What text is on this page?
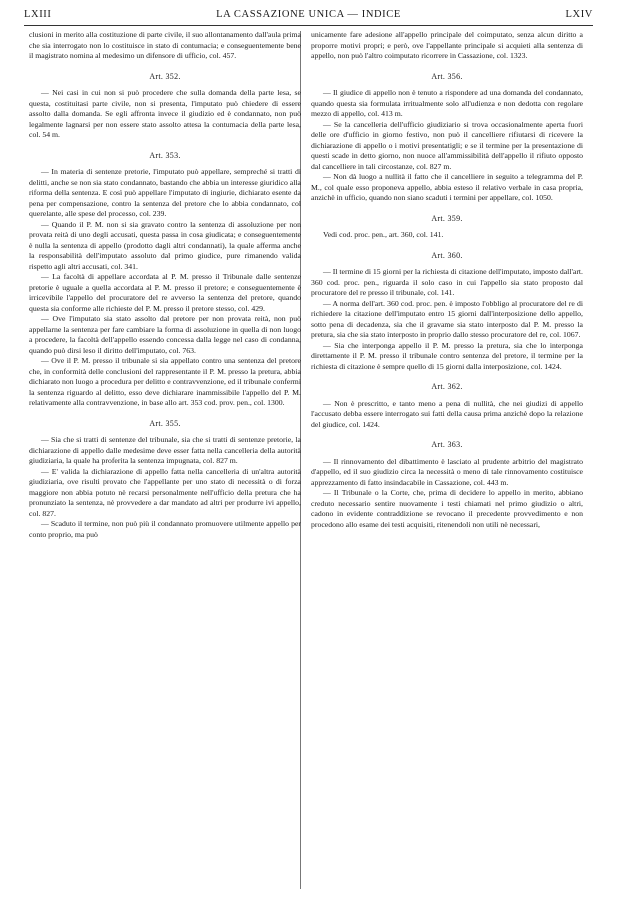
LXIII	LA CASSAZIONE UNICA — INDICE	LXIV

clusioni in merito alla costituzione di parte civile, il suo allontanamento dall'aula prima che sia interrogato non lo costituisce in stato di contumacia; e conseguentemente bene il magistrato nomina al medesimo un difensore di ufficio, col. 457.

Art. 352.

— Nei casi in cui non si può procedere che sulla domanda della parte lesa, se questa, costituitasi parte civile, non si presenta, l'imputato può chiedere di essere assolto dalla domanda. Se egli affronta invece il giudizio ed è condannato, non può legalmente lagnarsi per non essere stato assolto attesa la contumacia della parte lesa, col. 54 m.

Art. 353.

— In materia di sentenze pretorie, l'imputato può appellare, sempreché si tratti di delitti, anche se non sia stato condannato, bastando che abbia un interesse giuridico alla riforma della sentenza. E così può appellare l'imputato di ingiurie, dichiarato esente da pena per compensazione, contro la sentenza del pretore che lo abbia condannato, col querelante, alle spese del processo, col. 239.

— Quando il P. M. non si sia gravato contro la sentenza di assoluzione per non provata reità di uno degli accusati, questa passa in cosa giudicata; e conseguentemente è nulla la sentenza di appello (prodotto dagli altri condannati), la quale afferma anche la responsabilità dell'imputato assoluto dal primo giudice, pure rimanendo valida rispetto agli altri accusati, col. 341.

— La facoltà di appellare accordata al P. M. presso il Tribunale dalle sentenze pretorie è uguale a quella accordata al P. M. presso il pretore; e conseguentemente è irricevibile l'appello del procuratore del re avverso la sentenza del pretore, quando questa sia conforme alle richieste del P. M. presso il pretore stesso, col. 429.

— Ove l'imputato sia stato assolto dal pretore per non provata reità, non può appellarne la sentenza per fare cambiare la forma di assoluzione in quella di non luogo a procedere, la facoltà dell'appello essendo concessa dalla legge nel caso di condanna, quando può dirsi leso il diritto dell'imputato, col. 763.

— Ove il P. M. presso il tribunale si sia appellato contro una sentenza del pretore che, in conformità delle conclusioni del rappresentante il P. M. presso la pretura, abbia dichiarato non luogo a procedura per delitto e contravvenzione, ed il tribunale confermi la sentenza riguardo al delitto, esso deve dichiarare inammissibile l'appello del P. M. relativamente alla contravvenzione, in base allo art. 353 cod. prov. pen., col. 1300.

Art. 355.

— Sia che si tratti di sentenze del tribunale, sia che si tratti di sentenze pretorie, la dichiarazione di appello dalle medesime deve esser fatta nella cancelleria della autorità giudiziaria, la quale ha proferita la sentenza impugnata, col. 827 m.

— E' valida la dichiarazione di appello fatta nella cancelleria di un'altra autorità giudiziaria, ove risulti provato che l'appellante per uno stato di necessità o di forza maggiore non abbia potuto nè recarsi personalmente nell'ufficio della pretura che ha pronunziato la sentenza, nè provvedere a dar mandato ad altri per produrre ivi appello, col. 827.

— Scaduto il termine, non può più il condannato promuovere utilmente appello per conto proprio, ma può

unicamente fare adesione all'appello principale del coimputato, senza alcun diritto a proporre motivi propri; e però, ove l'appellante principale si acquieti alla sentenza di appello, non può l'altro coimputato ricorrere in Cassazione, col. 1323.

Art. 356.

— Il giudice di appello non è tenuto a rispondere ad una domanda del condannato, quando questa sia formulata irritualmente solo all'udienza e non dedotta con regolare mezzo di appello, col. 413 m.

— Se la cancelleria dell'ufficio giudiziario si trova occasionalmente aperta fuori delle ore d'ufficio in giorno festivo, non può il cancelliere rifiutarsi di ricevere la dichiarazione di appello o i motivi presentatigli; e se il termine per la presentazione di questi scade in detto giorno, non nuoce all'ammissibilità dell'appello il rifiuto opposto dal cancelliere in tali circostanze, col. 827 m.

— Non dà luogo a nullità il fatto che il cancelliere in seguito a telegramma del P. M., col quale esso proponeva appello, abbia esteso il relativo verbale in casa propria, anzichè in ufficio, quando non siano scaduti i termini per appellare, col. 1050.

Art. 359.

Vedi cod. proc. pen., art. 360, col. 141.

Art. 360.

— Il termine di 15 giorni per la richiesta di citazione dell'imputato, imposto dall'art. 360 cod. proc. pen., riguarda il solo caso in cui l'appello sia stato proposto dal procuratore del re presso il tribunale, col. 141.

— A norma dell'art. 360 cod. proc. pen. è imposto l'obbligo al procuratore del re di richiedere la citazione dell'imputato entro 15 giorni dall'interposizione dello appello, sotto pena di decadenza, sia che il gravame sia stato interposto dal P. M. presso la pretura, sia che sia stato interposto in proprio dallo stesso procuratore del re, col. 1067.

— Sia che interponga appello il P. M. presso la pretura, sia che lo interponga direttamente il P. M. presso il tribunale contro sentenza del pretore, il termine per la richiesta di citazione è sempre quello di 15 giorni dalla interposizione, col. 1424.

Art. 362.

— Non è prescritto, e tanto meno a pena di nullità, che nei giudizi di appello l'accusato debba essere interrogato sui fatti della causa prima anzichè dopo la relazione del giudice, col. 1424.

Art. 363.

— Il rinnovamento del dibattimento è lasciato al prudente arbitrio del magistrato d'appello, ed il suo giudizio circa la necessità o meno di tale rinnovamento costituisce apprezzamento di fatto insindacabile in Cassazione, col. 443 m.

— Il Tribunale o la Corte, che, prima di decidere lo appello in merito, abbiano creduto necessario sentire nuovamente i testi chiamati nel primo giudizio o altri, cadono in evidente contraddizione se revocano il precedente provvedimento e non procedono allo esame dei testi acquisiti, ritenendoli non utili nè necessari,
